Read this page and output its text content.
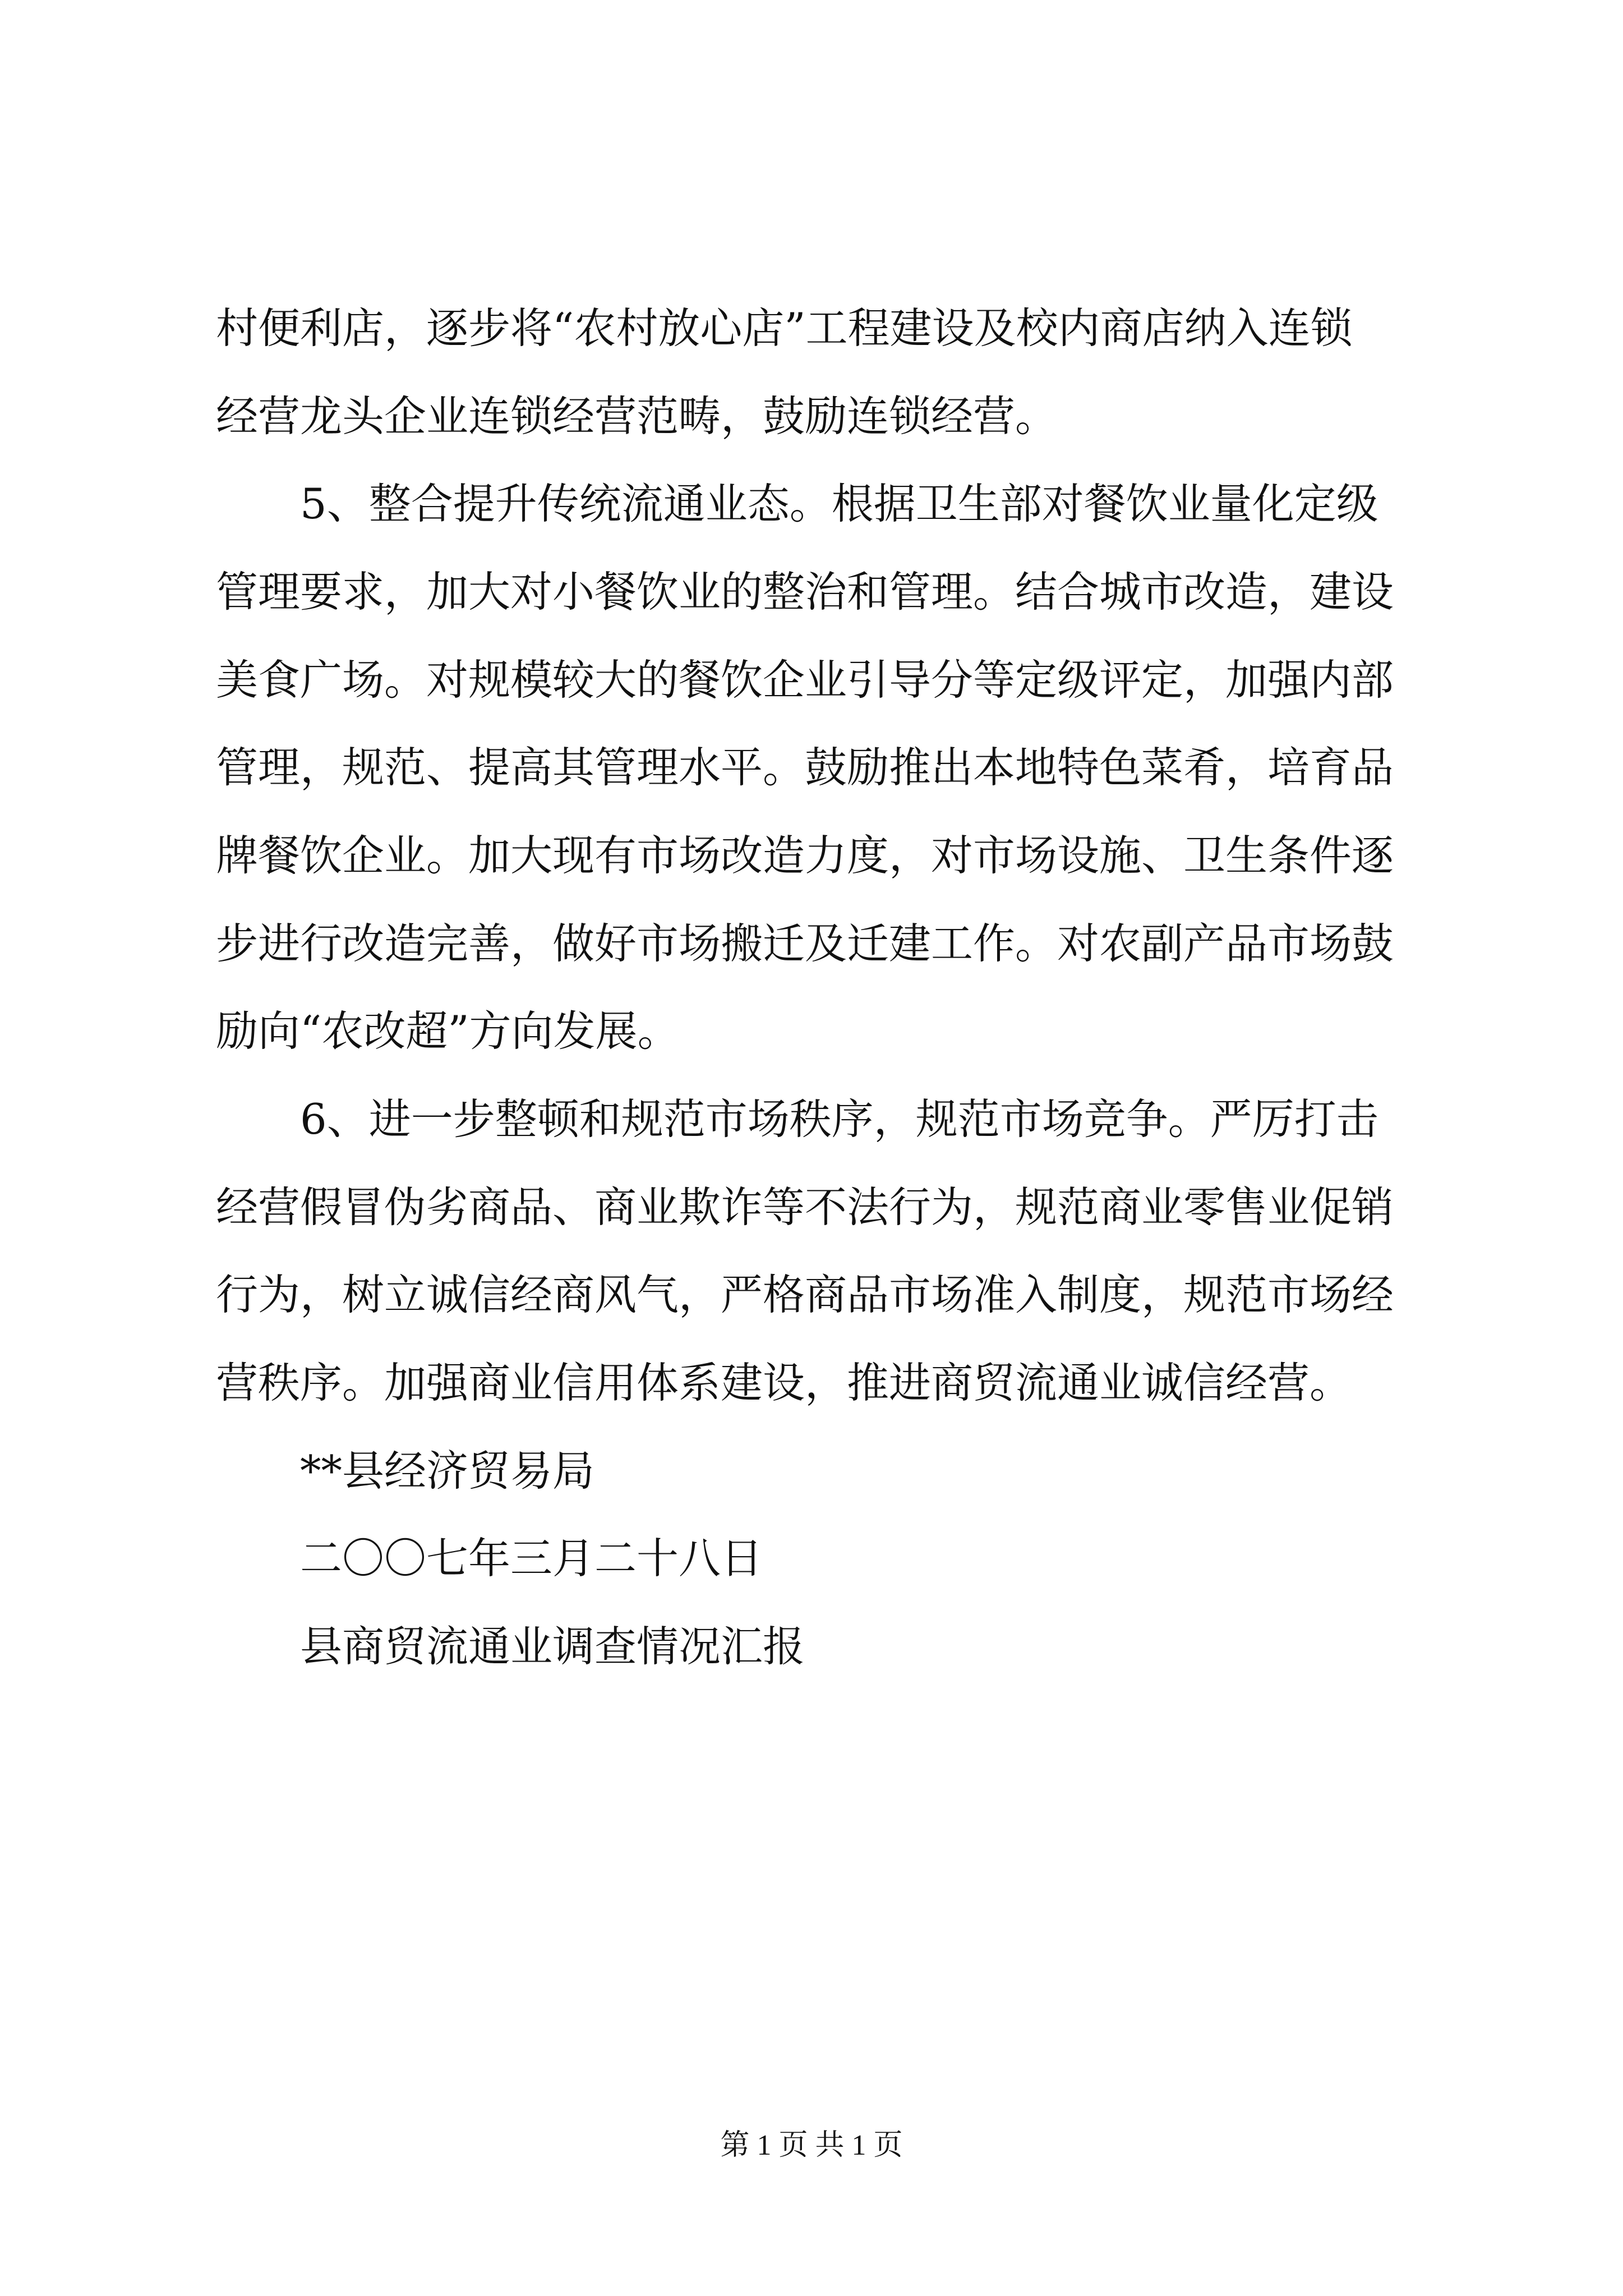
村便利店，逐步将“农村放心店”工程建设及校内商店纳入连锁
经营龙头企业连锁经营范畴，鼓励连锁经营。
5、整合提升传统流通业态。根据卫生部对餐饮业量化定级
管理要求，加大对小餐饮业的整治和管理。结合城市改造，建设
美食广场。对规模较大的餐饮企业引导分等定级评定，加强内部
管理，规范、提高其管理水平。鼓励推出本地特色菜肴，培育品
牌餐饮企业。加大现有市场改造力度，对市场设施、卫生条件逐
步进行改造完善，做好市场搬迁及迁建工作。对农副产品市场鼓
励向“农改超”方向发展。
6、进一步整顿和规范市场秩序，规范市场竞争。严厉打击
经营假冒伪劣商品、商业欺诈等不法行为，规范商业零售业促销
行为，树立诚信经商风气，严格商品市场准入制度，规范市场经
营秩序。加强商业信用体系建设，推进商贸流通业诚信经营。
**县经济贸易局
二〇〇七年三月二十八日
县商贸流通业调查情况汇报
第 1 页 共 1 页
